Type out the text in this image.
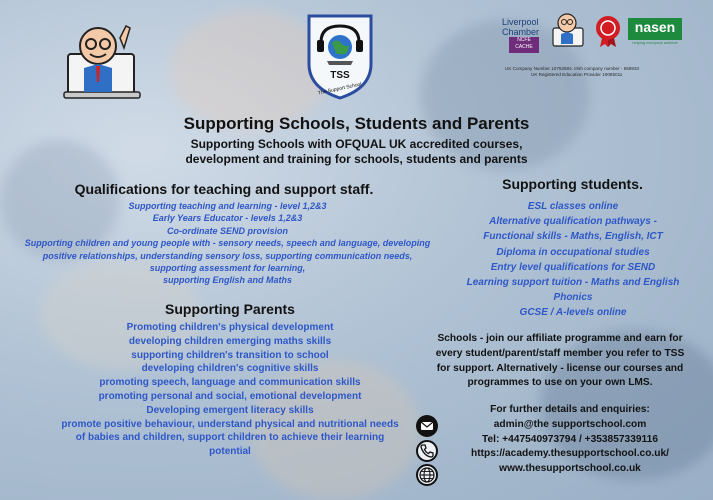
TSS
The Support School
Liverpool
Chamber
NCFE CACHE
nasen
helping everyone achieve
UK Company Number 10753584. Irish company number - 658933
UK Registered Education Provider 10085011
Supporting Schools, Students and Parents
Supporting Schools with OFQUAL UK accredited courses,
development and training for schools, students and parents
Qualifications for teaching and support staff.
Supporting teaching and learning - level 1,2&3
Early Years Educator - levels 1,2&3
Co-ordinate SEND provision
Supporting children and young people with - sensory needs, speech and language, developing
positive relationships, understanding sensory loss, supporting communication needs,
supporting assessment for learning,
supporting English and Maths
Supporting Parents
Promoting children's physical development
developing children emerging maths skills
supporting children's transition to school
developing children's cognitive skills
promoting speech, language and communication skills
promoting personal and social, emotional development
Developing emergent literacy skills
promote positive behaviour, understand physical and nutritional needs
of babies and children, support children to achieve their learning
potential
Supporting students.
ESL classes online
Alternative qualification pathways -
Functional skills - Maths, English, ICT
Diploma in occupational studies
Entry level qualifications for SEND
Learning support tuition - Maths and English
Phonics
GCSE / A-levels online
Schools - join our affiliate programme and earn for
every student/parent/staff member you refer to TSS
for support. Alternatively - license our courses and
programmes to use on your own LMS.
For further details and enquiries:
admin@the supportschool.com
Tel: +447540973794 / +353857339116
https://academy.thesupportschool.co.uk/
www.thesupportschool.co.uk
